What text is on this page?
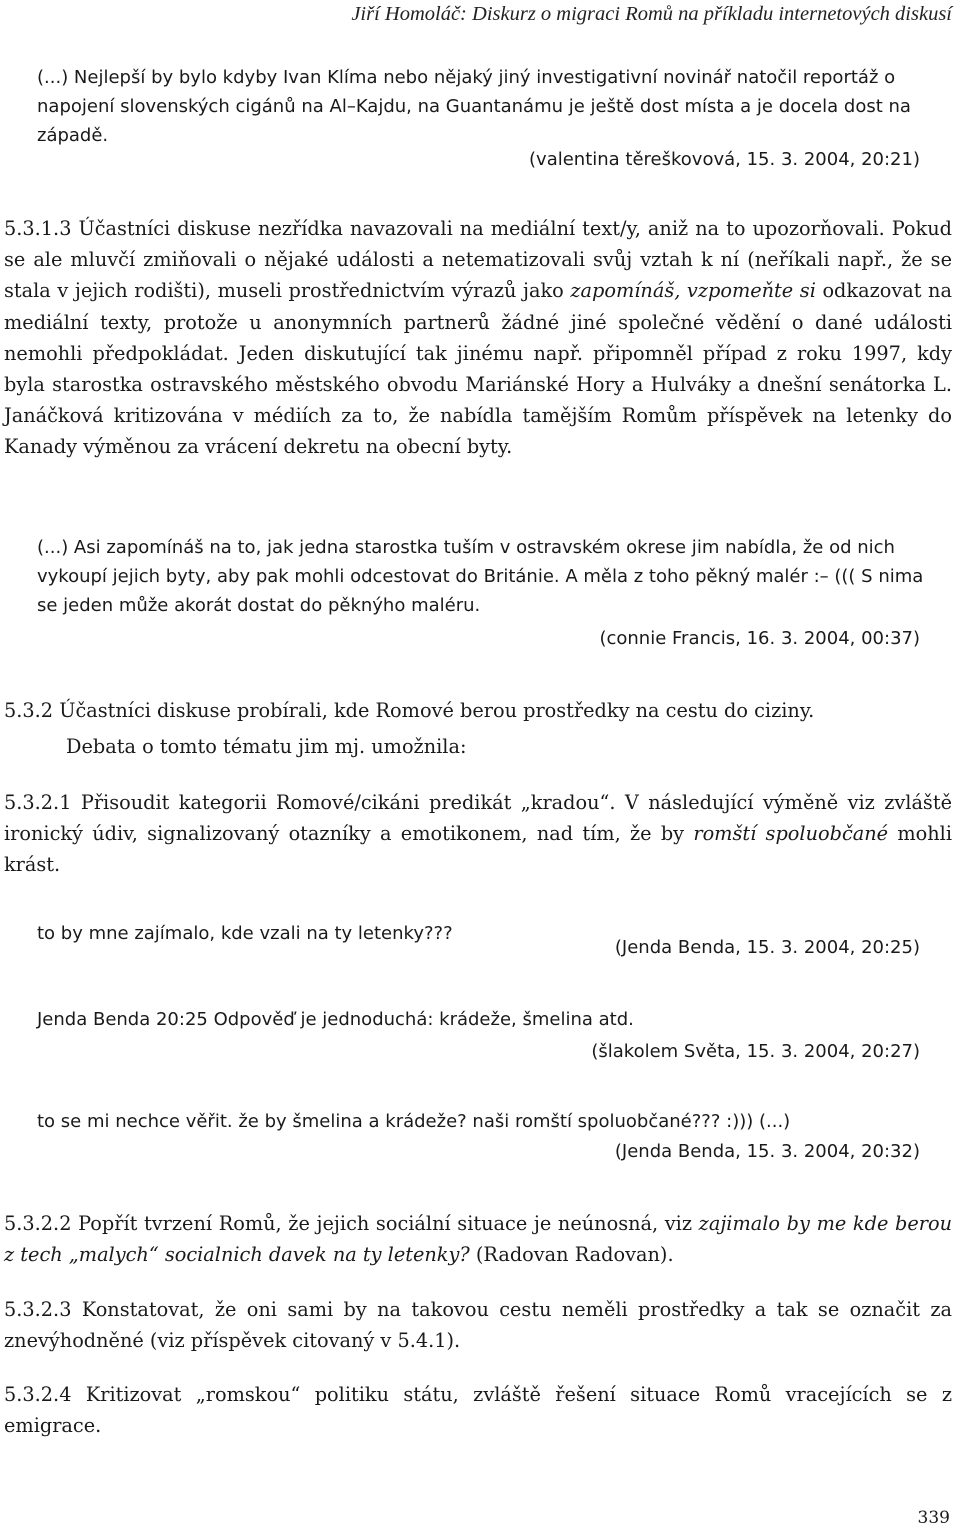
Jiří Homoláč: Diskurz o migraci Romů na příkladu internetových diskusí

(...) Nejlepší by bylo kdyby Ivan Klíma nebo nějaký jiný investigativní novinář natočil reportáž o napojení slovenských cigánů na Al–Kajdu, na Guantanámu je ještě dost místa a je docela dost na západě.

(valentina těreškovová, 15. 3. 2004, 20:21)

5.3.1.3 Účastníci diskuse nezřídka navazovali na mediální text/y, aniž na to upozorňovali. Pokud se ale mluvčí zmiňovali o nějaké události a netematizovali svůj vztah k ní (neříkali např., že se stala v jejich rodišti), museli prostřednictvím výrazů jako zapomínáš, vzpomeňte si odkazovat na mediální texty, protože u anonymních partnerů žádné jiné společné vědění o dané události nemohli předpokládat. Jeden diskutující tak jinému např. připomněl případ z roku 1997, kdy byla starostka ostravského městského obvodu Mariánské Hory a Hulváky a dnešní senátorka L. Janáčková kritizována v médiích za to, že nabídla tamějším Romům příspěvek na letenky do Kanady výměnou za vrácení dekretu na obecní byty.

(...) Asi zapomínáš na to, jak jedna starostka tuším v ostravském okrese jim nabídla, že od nich vykoupí jejich byty, aby pak mohli odcestovat do Británie. A měla z toho pěkný malér :– ((( S nima se jeden může akorát dostat do pěknýho maléru.

(connie Francis, 16. 3. 2004, 00:37)

5.3.2 Účastníci diskuse probírali, kde Romové berou prostředky na cestu do ciziny.

Debata o tomto tématu jim mj. umožnila:

5.3.2.1 Přisoudit kategorii Romové/cikáni predikát „kradou“. V následující výměně viz zvláště ironický údiv, signalizovaný otazníky a emotikonem, nad tím, že by romští spoluobčané mohli krást.

to by mne zajímalo, kde vzali na ty letenky???

(Jenda Benda, 15. 3. 2004, 20:25)

Jenda Benda 20:25 Odpověď je jednoduchá: krádeže, šmelina atd.

(šlakolem Světa, 15. 3. 2004, 20:27)

to se mi nechce věřit. že by šmelina a krádeže? naši romští spoluobčané??? :))) (...)

(Jenda Benda, 15. 3. 2004, 20:32)

5.3.2.2 Popřít tvrzení Romů, že jejich sociální situace je neúnosná, viz zajimalo by me kde berou z tech „malych“ socialnich davek na ty letenky? (Radovan Radovan).

5.3.2.3 Konstatovat, že oni sami by na takovou cestu neměli prostředky a tak se označit za znevýhodněné (viz příspěvek citovaný v 5.4.1).

5.3.2.4 Kritizovat „romskou“ politiku státu, zvláště řešení situace Romů vracejících se z emigrace.

339
